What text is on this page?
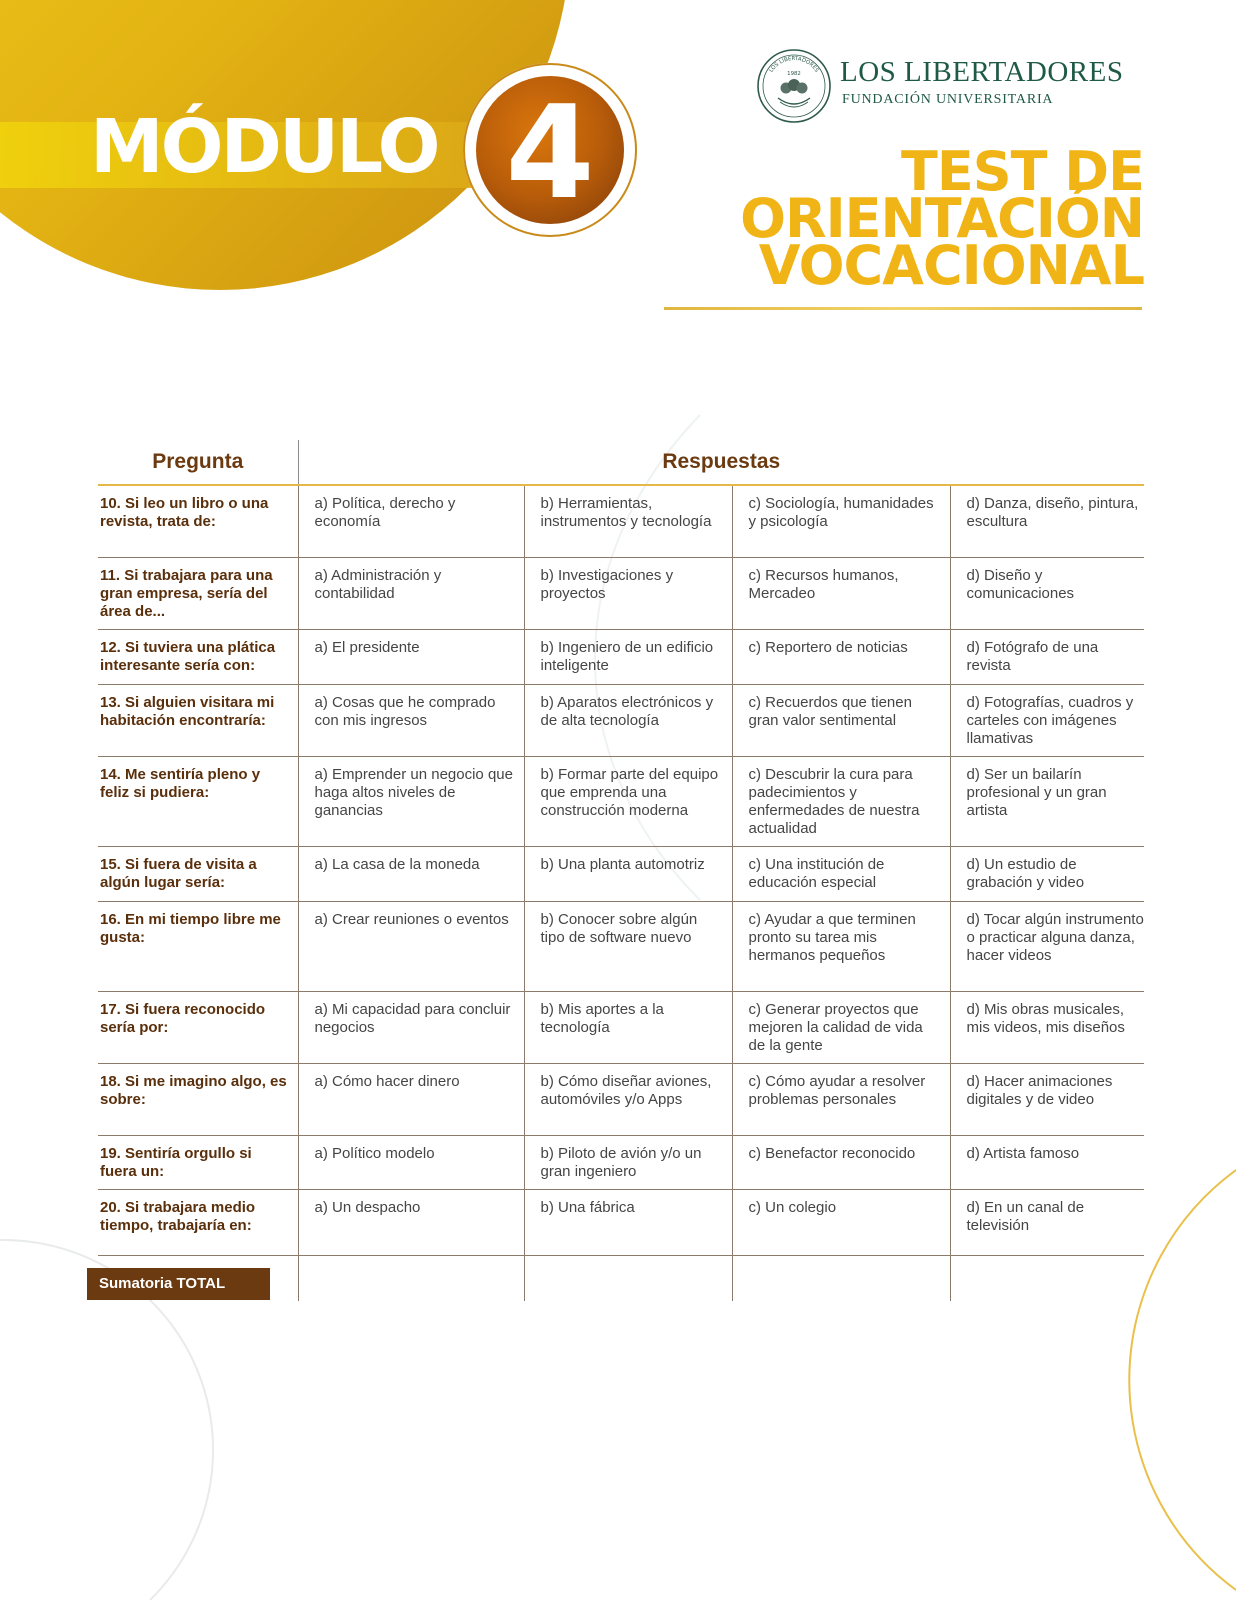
MÓDULO 4
LOS LIBERTADORES
1982 LOS LIBERTADORES
FUNDACIÓN UNIVERSITARIA
TEST DE
ORIENTACIÓN
VOCACIONAL
Pregunta	Respuestas			
10. Si leo un libro o una revista, trata de:	a) Política, derecho y economía	b) Herramientas, instrumentos y tecnología	c) Sociología, humanidades y psicología	d) Danza, diseño, pintura, escultura
11. Si trabajara para una gran empresa, sería del área de...	a) Administración y contabilidad	b) Investigaciones y proyectos	c) Recursos humanos, Mercadeo	d) Diseño y comunicaciones
12. Si tuviera una plática interesante sería con:	a) El presidente	b) Ingeniero de un edificio inteligente	c) Reportero de noticias	d) Fotógrafo de una revista
13. Si alguien visitara mi habitación encontraría:	a) Cosas que he comprado con mis ingresos	b) Aparatos electrónicos y de alta tecnología	c) Recuerdos que tienen gran valor sentimental	d) Fotografías, cuadros y carteles con imágenes llamativas
14. Me sentiría pleno y feliz si pudiera:	a) Emprender un negocio que haga altos niveles de ganancias	b) Formar parte del equipo que emprenda una construcción moderna	c) Descubrir la cura para padecimientos y enfermedades de nuestra actualidad	d) Ser un bailarín profesional y un gran artista
15. Si fuera de visita a algún lugar sería:	a) La casa de la moneda	b) Una planta automotriz	c) Una institución de educación especial	d) Un estudio de grabación y video
16. En mi tiempo libre me gusta:	a) Crear reuniones o eventos	b) Conocer sobre algún tipo de software nuevo	c) Ayudar a que terminen pronto su tarea mis hermanos pequeños	d) Tocar algún instrumento o practicar alguna danza, hacer videos
17. Si fuera reconocido sería por:	a) Mi capacidad para concluir negocios	b) Mis aportes a la tecnología	c) Generar proyectos que mejoren la calidad de vida de la gente	d) Mis obras musicales, mis videos, mis diseños
18. Si me imagino algo, es sobre:	a) Cómo hacer dinero	b) Cómo diseñar aviones, automóviles y/o Apps	c) Cómo ayudar a resolver problemas personales	d) Hacer animaciones digitales y de video
19. Sentiría orgullo si fuera un:	a) Político modelo	b) Piloto de avión y/o un gran ingeniero	c) Benefactor reconocido	d) Artista famoso
20. Si trabajara medio tiempo, trabajaría en:	a) Un despacho	b) Una fábrica	c) Un colegio	d) En un canal de televisión
Sumatoria TOTAL				
